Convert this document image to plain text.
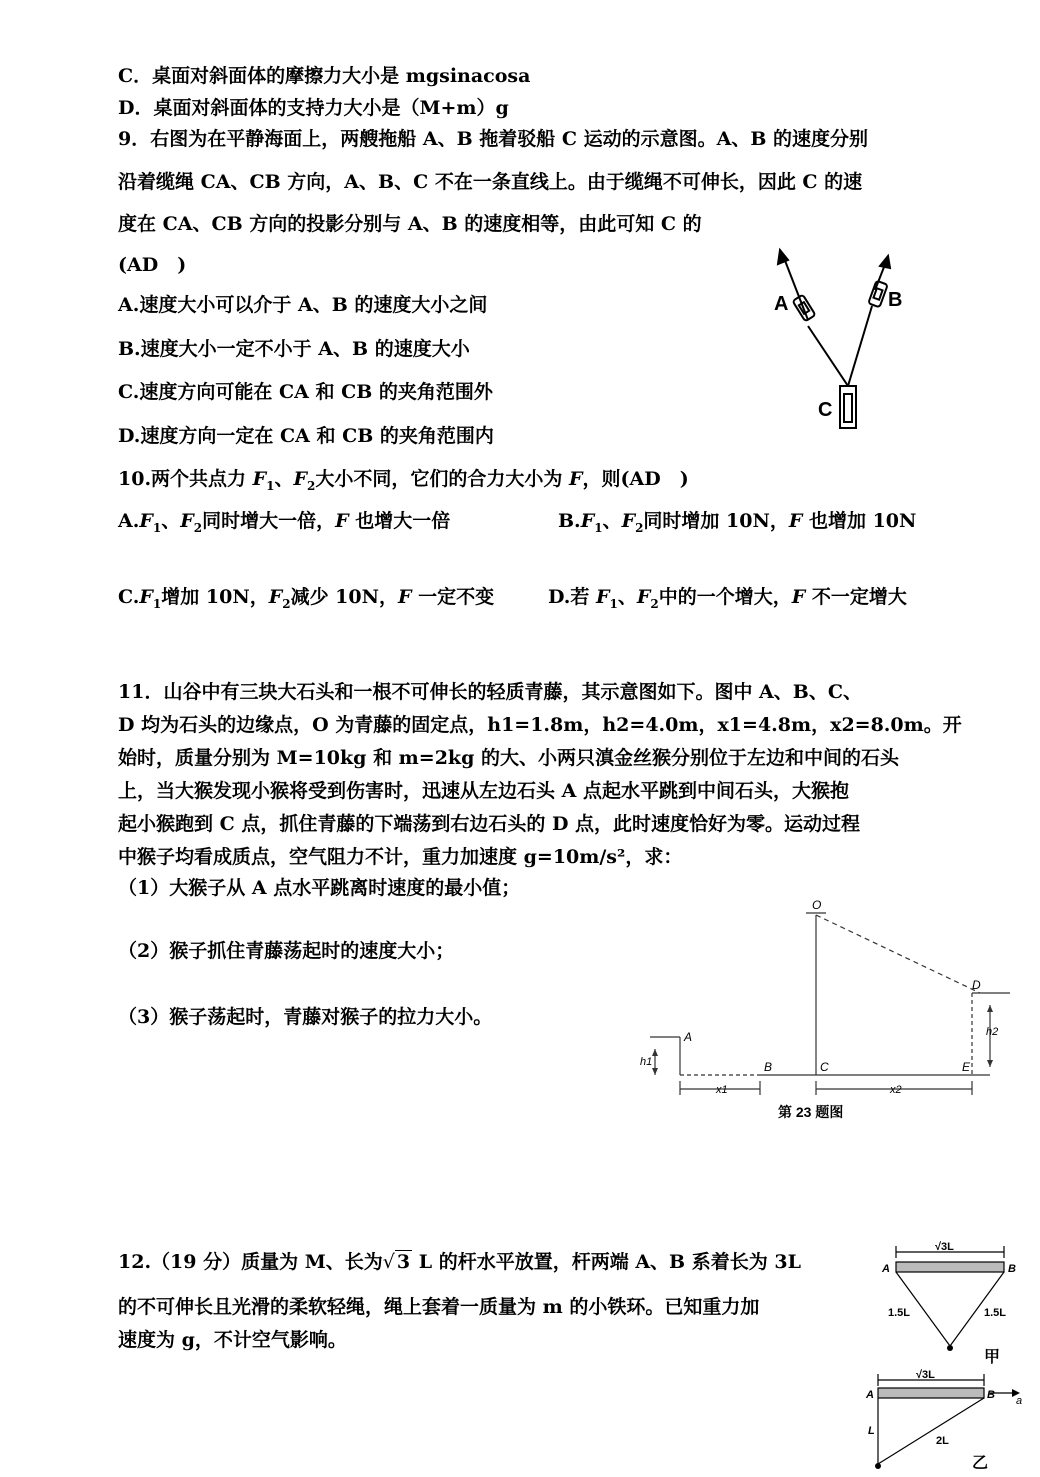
C．桌面对斜面体的摩擦力大小是 mgsinacosa
D．桌面对斜面体的支持力大小是（M+m）g
9．右图为在平静海面上，两艘拖船 A、B 拖着驳船 C 运动的示意图。A、B 的速度分别
沿着缆绳 CA、CB 方向，A、B、C 不在一条直线上。由于缆绳不可伸长，因此 C 的速
度在 CA、CB 方向的投影分别与 A、B 的速度相等，由此可知 C 的
(AD　)
A.速度大小可以介于 A、B 的速度大小之间
B.速度大小一定不小于 A、B 的速度大小
C.速度方向可能在 CA 和 CB 的夹角范围外
D.速度方向一定在 CA 和 CB 的夹角范围内
A	B
C
10.两个共点力 $F_1$、$F_2$大小不同，它们的合力大小为 F，则(AD　)
$A.F_1$、$F_2$同时增大一倍，F 也增大一倍	$B.F_1$、$F_2$同时增加 10N，F 也增加 10N
$C.F_1$增加 10N，$F_2$减少 10N，F 一定不变	D.若 $F_1$、$F_2$中的一个增大，F 不一定增大
11．山谷中有三块大石头和一根不可伸长的轻质青藤，其示意图如下。图中 A、B、C、
D 均为石头的边缘点，O 为青藤的固定点，h1=1.8m，h2=4.0m，x1=4.8m，x2=8.0m。开
始时，质量分别为 M=10kg 和 m=2kg 的大、小两只滇金丝猴分别位于左边和中间的石头
上，当大猴发现小猴将受到伤害时，迅速从左边石头 A 点起水平跳到中间石头，大猴抱
起小猴跑到 C 点，抓住青藤的下端荡到右边石头的 D 点，此时速度恰好为零。运动过程
中猴子均看成质点，空气阻力不计，重力加速度 g=10m/s²，求：
（1）大猴子从 A 点水平跳离时速度的最小值；
（2）猴子抓住青藤荡起时的速度大小；
（3）猴子荡起时，青藤对猴子的拉力大小。
O
A
B	C
D
E
h1
h2
x1	x2
第 23 题图
12.（19 分）质量为 M、长为√ 3 L 的杆水平放置，杆两端 A、B 系着长为 3L
的不可伸长且光滑的柔软轻绳，绳上套着一质量为 m 的小铁环。已知重力加
速度为 g，不计空气影响。
√3L
A	B
1.5L	1.5L
甲
√3L
A	B a
L
2L
乙
